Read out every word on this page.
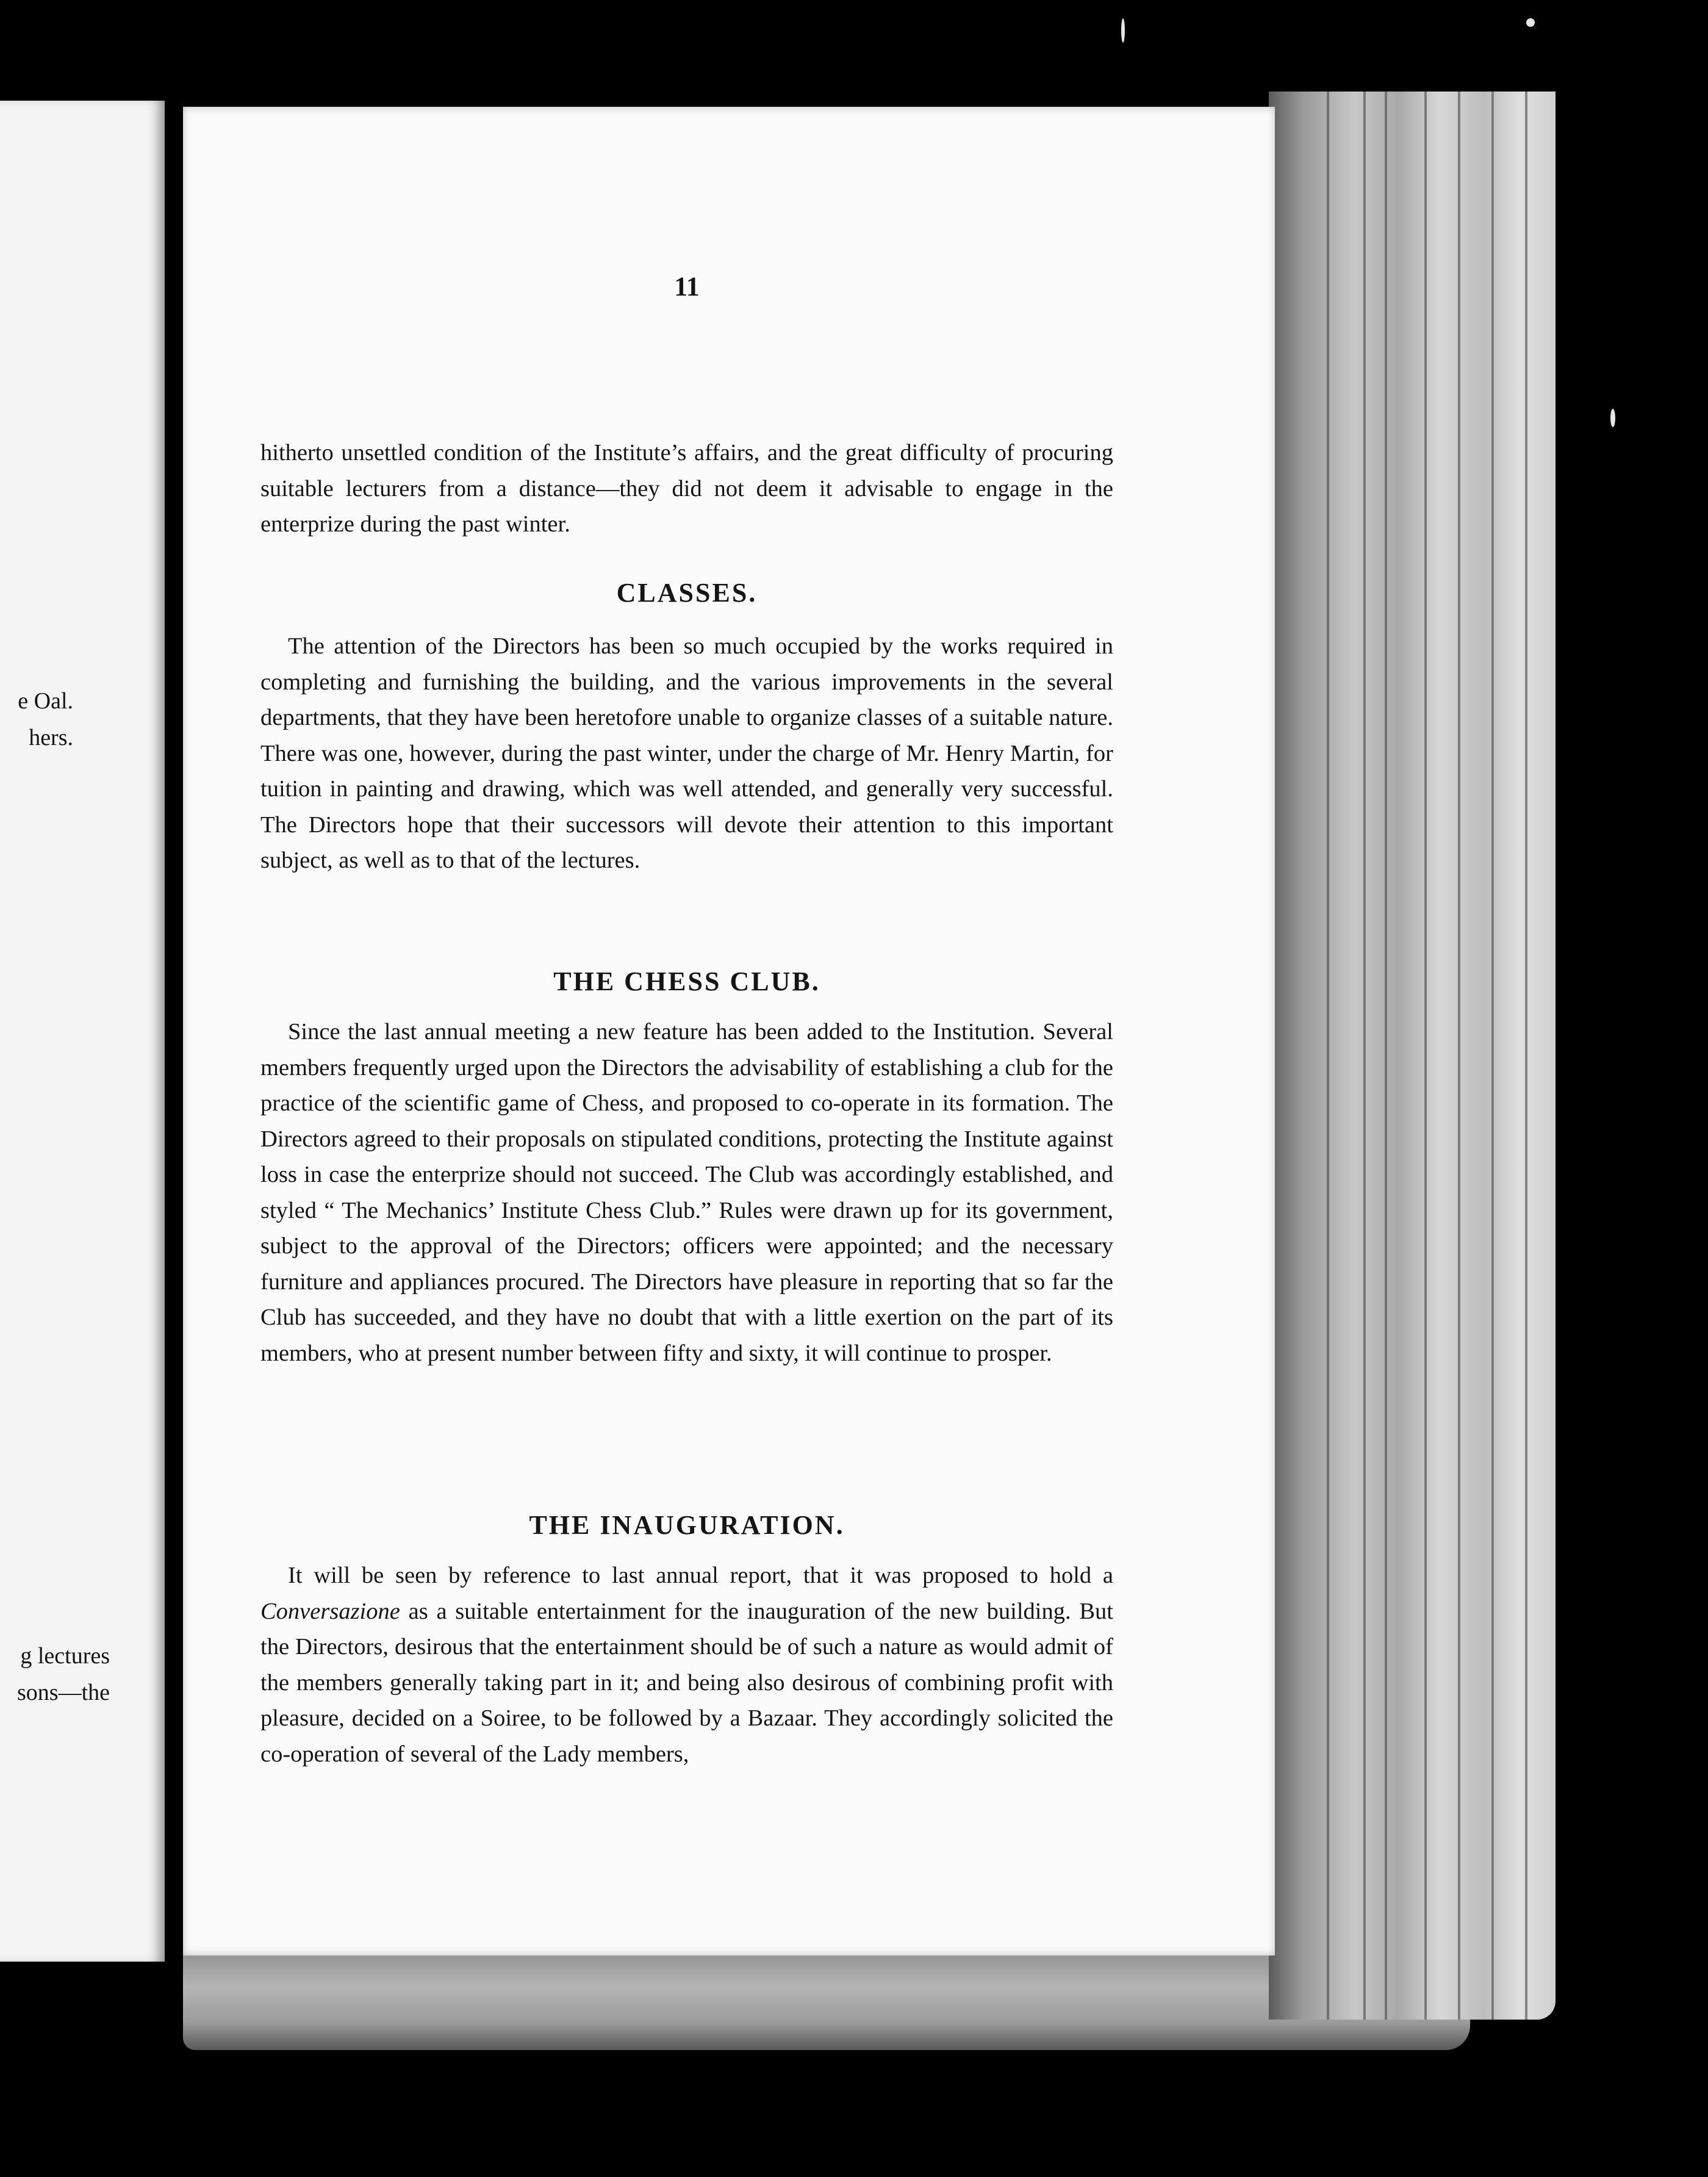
e Oal.
hers.
g lectures
sons—the

11

hitherto unsettled condition of the Institute’s affairs, and the great difficulty of procuring suitable lecturers from a distance—they did not deem it advisable to engage in the enterprize during the past winter.

CLASSES.

The attention of the Directors has been so much occupied by the works required in completing and furnishing the building, and the various improvements in the several departments, that they have been heretofore unable to organize classes of a suitable nature. There was one, however, during the past winter, under the charge of Mr. Henry Martin, for tuition in painting and drawing, which was well attended, and generally very successful. The Directors hope that their successors will devote their attention to this important subject, as well as to that of the lectures.

THE CHESS CLUB.

Since the last annual meeting a new feature has been added to the Institution. Several members frequently urged upon the Directors the advisability of establishing a club for the practice of the scientific game of Chess, and proposed to co-operate in its formation. The Directors agreed to their proposals on stipulated conditions, protecting the Institute against loss in case the enterprize should not succeed. The Club was accordingly established, and styled “ The Mechanics’ Institute Chess Club.” Rules were drawn up for its government, subject to the approval of the Directors; officers were appointed; and the necessary furniture and appliances procured. The Directors have pleasure in reporting that so far the Club has succeeded, and they have no doubt that with a little exertion on the part of its members, who at present number between fifty and sixty, it will continue to prosper.

THE INAUGURATION.

It will be seen by reference to last annual report, that it was proposed to hold a Conversazione as a suitable entertainment for the inauguration of the new building. But the Directors, desirous that the entertainment should be of such a nature as would admit of the members generally taking part in it; and being also desirous of combining profit with pleasure, decided on a Soiree, to be followed by a Bazaar. They accordingly solicited the co-operation of several of the Lady members,
